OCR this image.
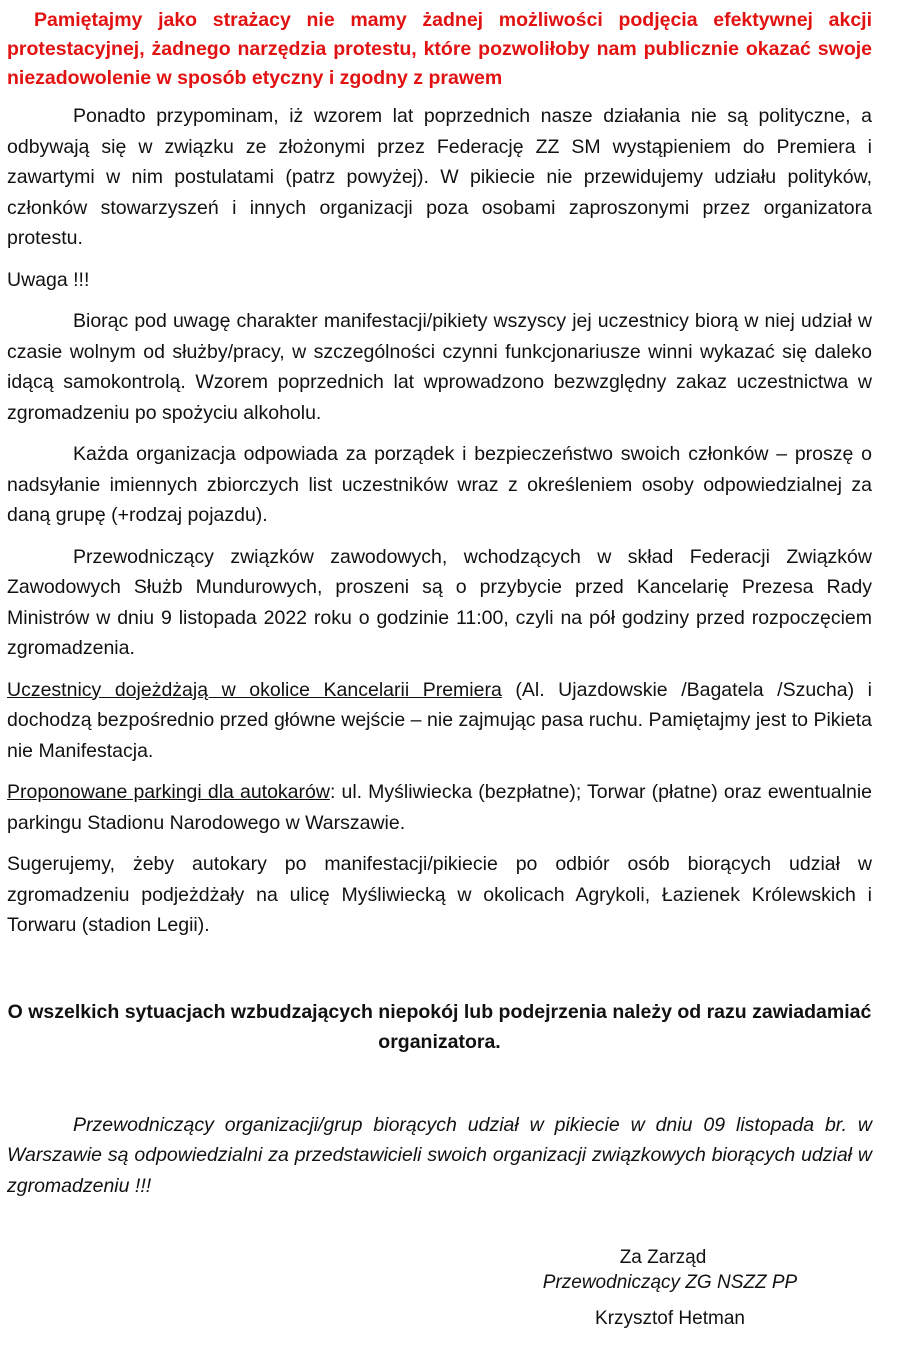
Pamiętajmy jako strażacy nie mamy żadnej możliwości podjęcia efektywnej akcji protestacyjnej, żadnego narzędzia protestu, które pozwoliłoby nam publicznie okazać swoje niezadowolenie w sposób etyczny i zgodny z prawem

Ponadto przypominam, iż wzorem lat poprzednich nasze działania nie są polityczne, a odbywają się w związku ze złożonymi przez Federację ZZ SM wystąpieniem do Premiera i zawartymi w nim postulatami (patrz powyżej). W pikiecie nie przewidujemy udziału polityków, członków stowarzyszeń i innych organizacji poza osobami zaproszonymi przez organizatora protestu.

Uwaga !!!

Biorąc pod uwagę charakter manifestacji/pikiety wszyscy jej uczestnicy biorą w niej udział w czasie wolnym od służby/pracy, w szczególności czynni funkcjonariusze winni wykazać się daleko idącą samokontrolą. Wzorem poprzednich lat wprowadzono bezwzględny zakaz uczestnictwa w zgromadzeniu po spożyciu alkoholu.

Każda organizacja odpowiada za porządek i bezpieczeństwo swoich członków – proszę o nadsyłanie imiennych zbiorczych list uczestników wraz z określeniem osoby odpowiedzialnej za daną grupę (+rodzaj pojazdu).

Przewodniczący związków zawodowych, wchodzących w skład Federacji Związków Zawodowych Służb Mundurowych, proszeni są o przybycie przed Kancelarię Prezesa Rady Ministrów w dniu 9 listopada 2022 roku o godzinie 11:00, czyli na pół godziny przed rozpoczęciem zgromadzenia.

Uczestnicy dojeżdżają w okolice Kancelarii Premiera (Al. Ujazdowskie /Bagatela /Szucha) i dochodzą bezpośrednio przed główne wejście – nie zajmując pasa ruchu. Pamiętajmy jest to Pikieta nie Manifestacja.

Proponowane parkingi dla autokarów: ul. Myśliwiecka (bezpłatne); Torwar (płatne) oraz ewentualnie parkingu Stadionu Narodowego w Warszawie.

Sugerujemy, żeby autokary po manifestacji/pikiecie po odbiór osób biorących udział w zgromadzeniu podjeżdżały na ulicę Myśliwiecką w okolicach Agrykoli, Łazienek Królewskich i Torwaru (stadion Legii).

O wszelkich sytuacjach wzbudzających niepokój lub podejrzenia należy od razu zawiadamiać organizatora.

Przewodniczący organizacji/grup biorących udział w pikiecie w dniu 09 listopada br. w Warszawie są odpowiedzialni za przedstawicieli swoich organizacji związkowych biorących udział w zgromadzeniu !!!

Za Zarząd
Przewodniczący ZG NSZZ PP
Krzysztof Hetman
